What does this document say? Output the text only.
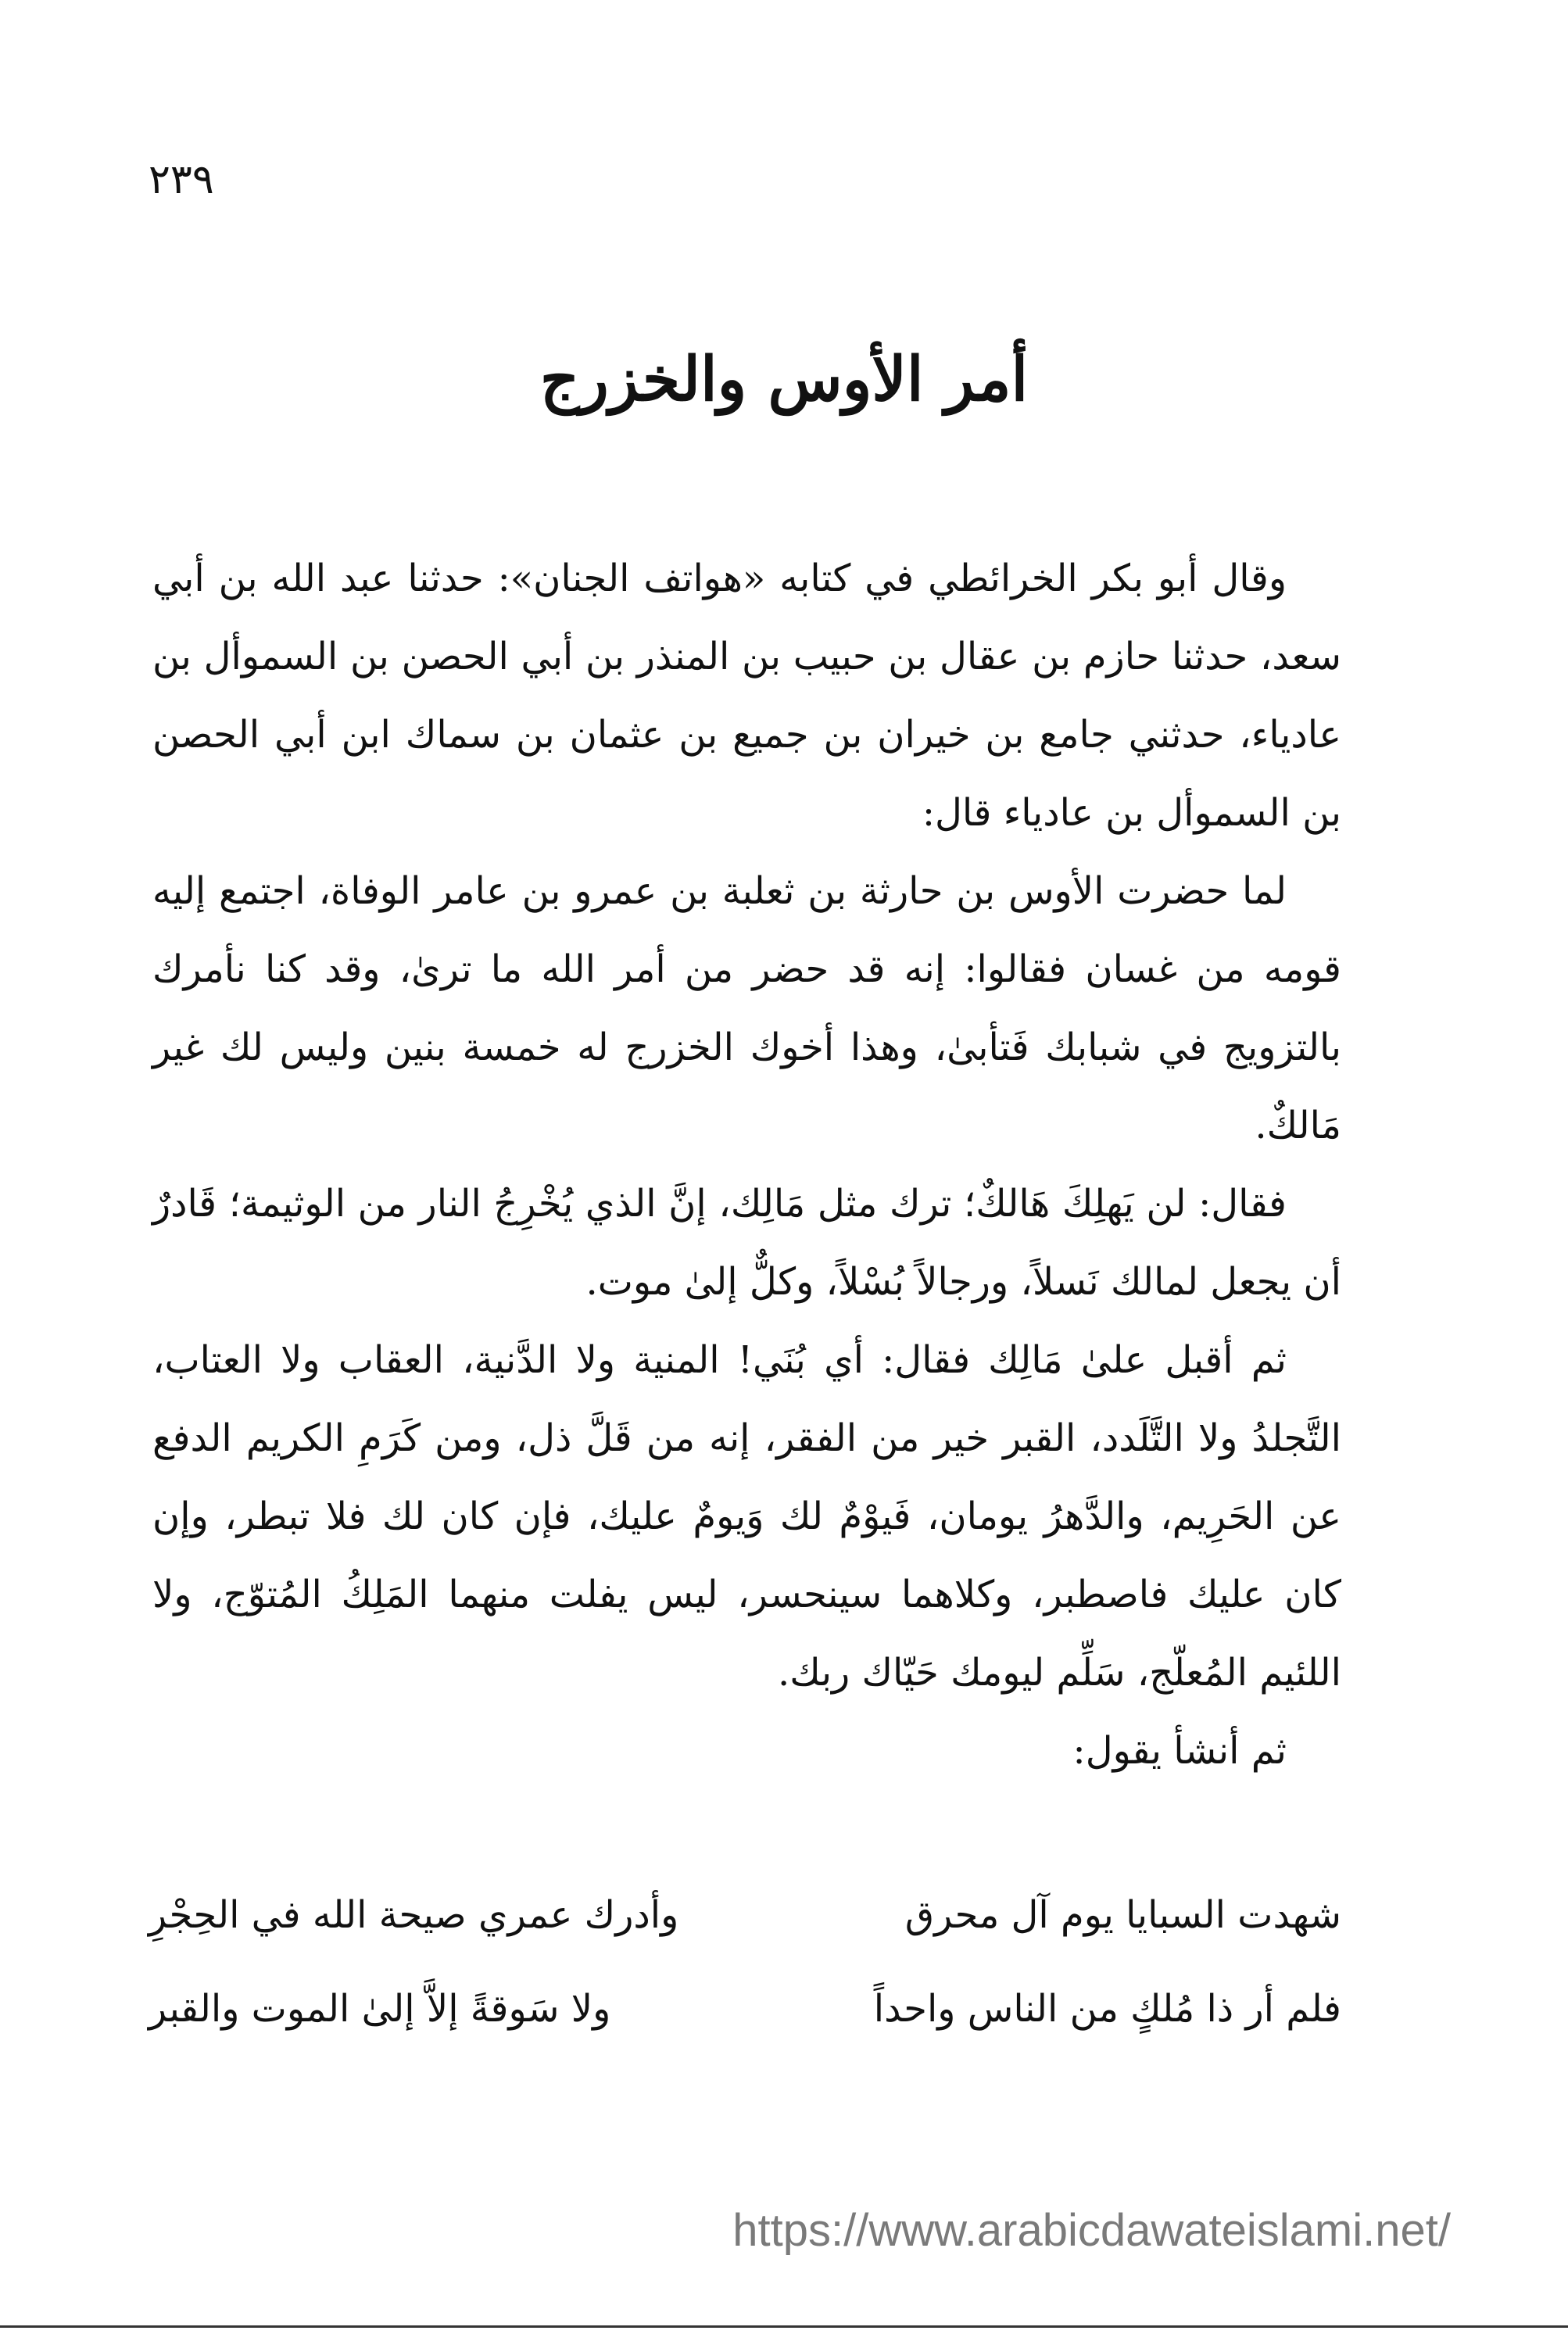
٢٣٩
أمر الأوس والخزرج

وقال أبو بكر الخرائطي في كتابه «هواتف الجنان»: حدثنا عبد الله بن أبي سعد، حدثنا حازم بن عقال بن حبيب بن المنذر بن أبي الحصن بن السموأل بن عادياء، حدثني جامع بن خيران بن جميع بن عثمان بن سماك ابن أبي الحصن بن السموأل بن عادياء قال:

لما حضرت الأوس بن حارثة بن ثعلبة بن عمرو بن عامر الوفاة، اجتمع إليه قومه من غسان فقالوا: إنه قد حضر من أمر الله ما ترىٰ، وقد كنا نأمرك بالتزويج في شبابك فَتأبىٰ، وهذا أخوك الخزرج له خمسة بنين وليس لك غير مَالكٌ.

فقال: لن يَهلِكَ هَالكٌ؛ ترك مثل مَالِك، إنَّ الذي يُخْرِجُ النار من الوثيمة؛ قَادرٌ أن يجعل لمالك نَسلاً، ورجالاً بُسْلاً، وكلٌّ إلىٰ موت.

ثم أقبل علىٰ مَالِك فقال: أي بُنَي! المنية ولا الدَّنية، العقاب ولا العتاب، التَّجلدُ ولا التَّلَدد، القبر خير من الفقر، إنه من قَلَّ ذل، ومن كَرَمِ الكريم الدفع عن الحَرِيم، والدَّهرُ يومان، فَيوْمٌ لك وَيومٌ عليك، فإن كان لك فلا تبطر، وإن كان عليك فاصطبر، وكلاهما سينحسر، ليس يفلت منهما المَلِكُ المُتوّج، ولا اللئيم المُعلّج، سَلِّم ليومك حَيّاك ربك.

ثم أنشأ يقول:

شهدت السبايا يوم آل محرق
وأدرك عمري صيحة الله في الحِجْرِ
فلم أر ذا مُلكٍ من الناس واحداً
ولا سَوقةً إلاَّ إلىٰ الموت والقبر
https://www.arabicdawateislami.net/
